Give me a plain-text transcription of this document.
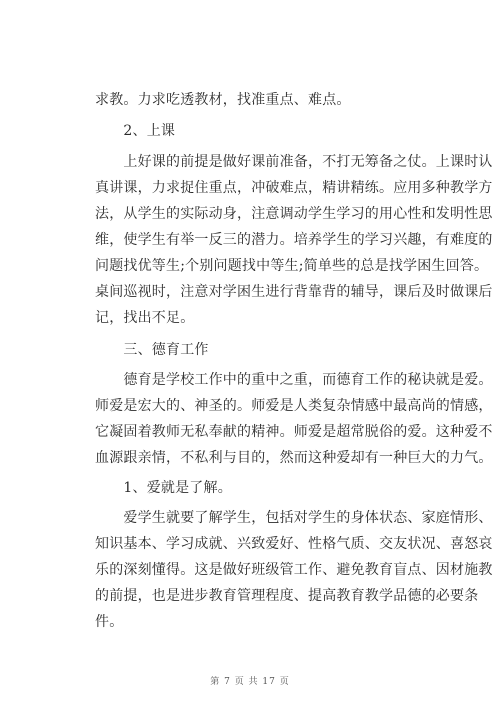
求教。力求吃透教材，找准重点、难点。
　　2、上课
　　上好课的前提是做好课前准备，不打无筹备之仗。上课时认
真讲课，力求捉住重点，冲破难点，精讲精练。应用多种教学方
法，从学生的实际动身，注意调动学生学习的用心性和发明性思
维，使学生有举一反三的潜力。培养学生的学习兴趣，有难度的
问题找优等生;个别问题找中等生;简单些的总是找学困生回答。
桌间巡视时，注意对学困生进行背靠背的辅导，课后及时做课后
记，找出不足。
　　三、德育工作
　　德育是学校工作中的重中之重，而德育工作的秘诀就是爱。
师爱是宏大的、神圣的。师爱是人类复杂情感中最高尚的情感，
它凝固着教师无私奉献的精神。师爱是超常脱俗的爱。这种爱不
血源跟亲情，不私利与目的，然而这种爱却有一种巨大的力气。
　　1、爱就是了解。
　　爱学生就要了解学生，包括对学生的身体状态、家庭情形、
知识基本、学习成就、兴致爱好、性格气质、交友状况、喜怒哀
乐的深刻懂得。这是做好班级管工作、避免教育盲点、因材施教
的前提，也是进步教育管理程度、提高教育教学品德的必要条
件。
第 7 页 共 17 页
